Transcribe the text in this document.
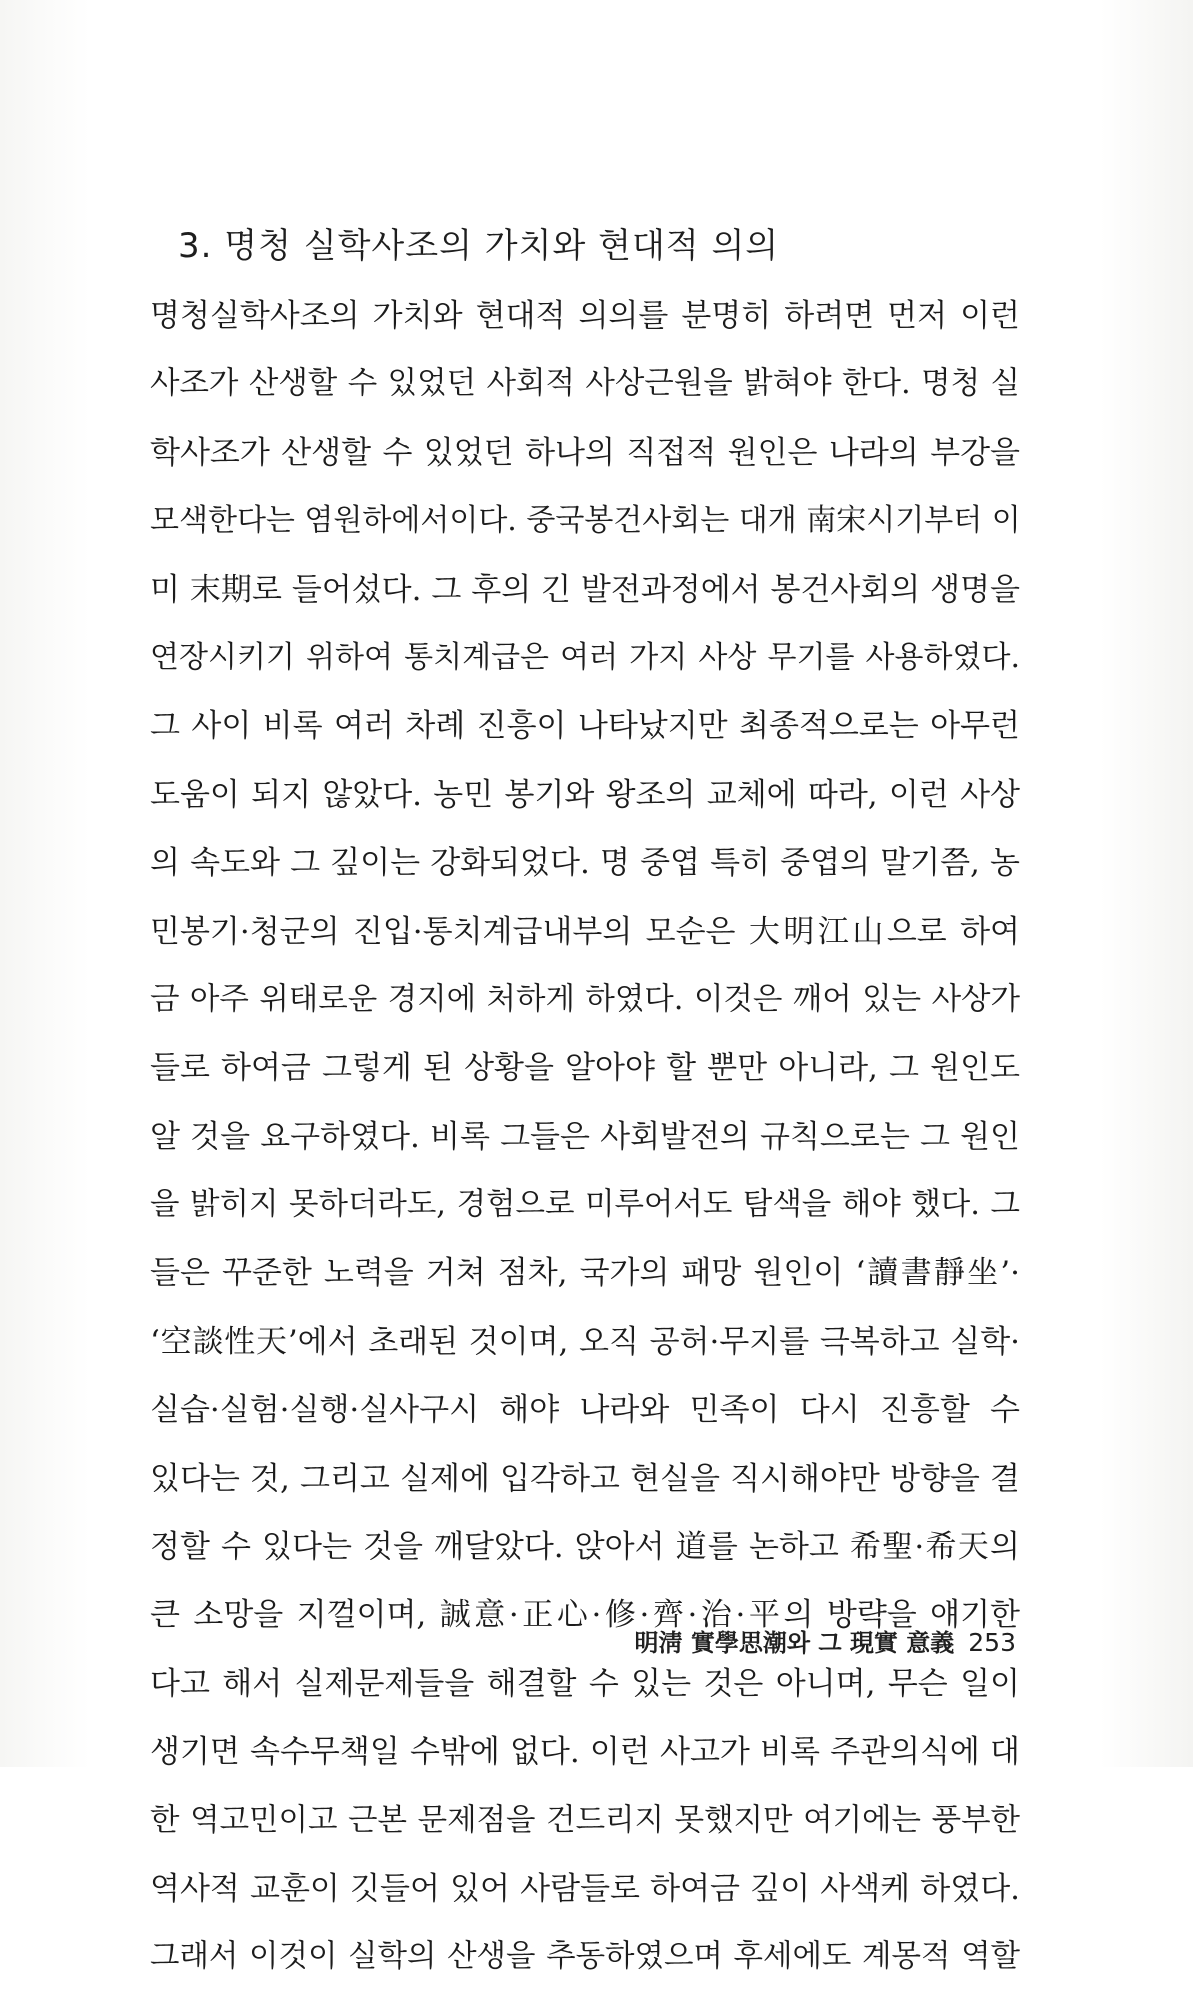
3. 명청 실학사조의 가치와 현대적 의의
명청실학사조의 가치와 현대적 의의를 분명히 하려면 먼저 이런
사조가 산생할 수 있었던 사회적 사상근원을 밝혀야 한다. 명청 실
학사조가 산생할 수 있었던 하나의 직접적 원인은 나라의 부강을
모색한다는 염원하에서이다. 중국봉건사회는 대개 南宋시기부터 이
미 末期로 들어섰다. 그 후의 긴 발전과정에서 봉건사회의 생명을
연장시키기 위하여 통치계급은 여러 가지 사상 무기를 사용하였다.
그 사이 비록 여러 차례 진흥이 나타났지만 최종적으로는 아무런
도움이 되지 않았다. 농민 봉기와 왕조의 교체에 따라, 이런 사상
의 속도와 그 깊이는 강화되었다. 명 중엽 특히 중엽의 말기쯤, 농
민봉기·청군의 진입·통치계급내부의 모순은 大明江山으로 하여
금 아주 위태로운 경지에 처하게 하였다. 이것은 깨어 있는 사상가
들로 하여금 그렇게 된 상황을 알아야 할 뿐만 아니라, 그 원인도
알 것을 요구하였다. 비록 그들은 사회발전의 규칙으로는 그 원인
을 밝히지 못하더라도, 경험으로 미루어서도 탐색을 해야 했다. 그
들은 꾸준한 노력을 거쳐 점차, 국가의 패망 원인이 ‘讀書靜坐’·
‘空談性天’에서 초래된 것이며, 오직 공허·무지를 극복하고 실학·
실습·실험·실행·실사구시 해야 나라와 민족이 다시 진흥할 수
있다는 것, 그리고 실제에 입각하고 현실을 직시해야만 방향을 결
정할 수 있다는 것을 깨달았다. 앉아서 道를 논하고 希聖·希天의
큰 소망을 지껄이며, 誠意·正心·修·齊·治·平의 방략을 얘기한
다고 해서 실제문제들을 해결할 수 있는 것은 아니며, 무슨 일이
생기면 속수무책일 수밖에 없다. 이런 사고가 비록 주관의식에 대
한 역고민이고 근본 문제점을 건드리지 못했지만 여기에는 풍부한
역사적 교훈이 깃들어 있어 사람들로 하여금 깊이 사색케 하였다.
그래서 이것이 실학의 산생을 추동하였으며 후세에도 계몽적 역할
明淸 實學思潮와 그 現實 意義 253
